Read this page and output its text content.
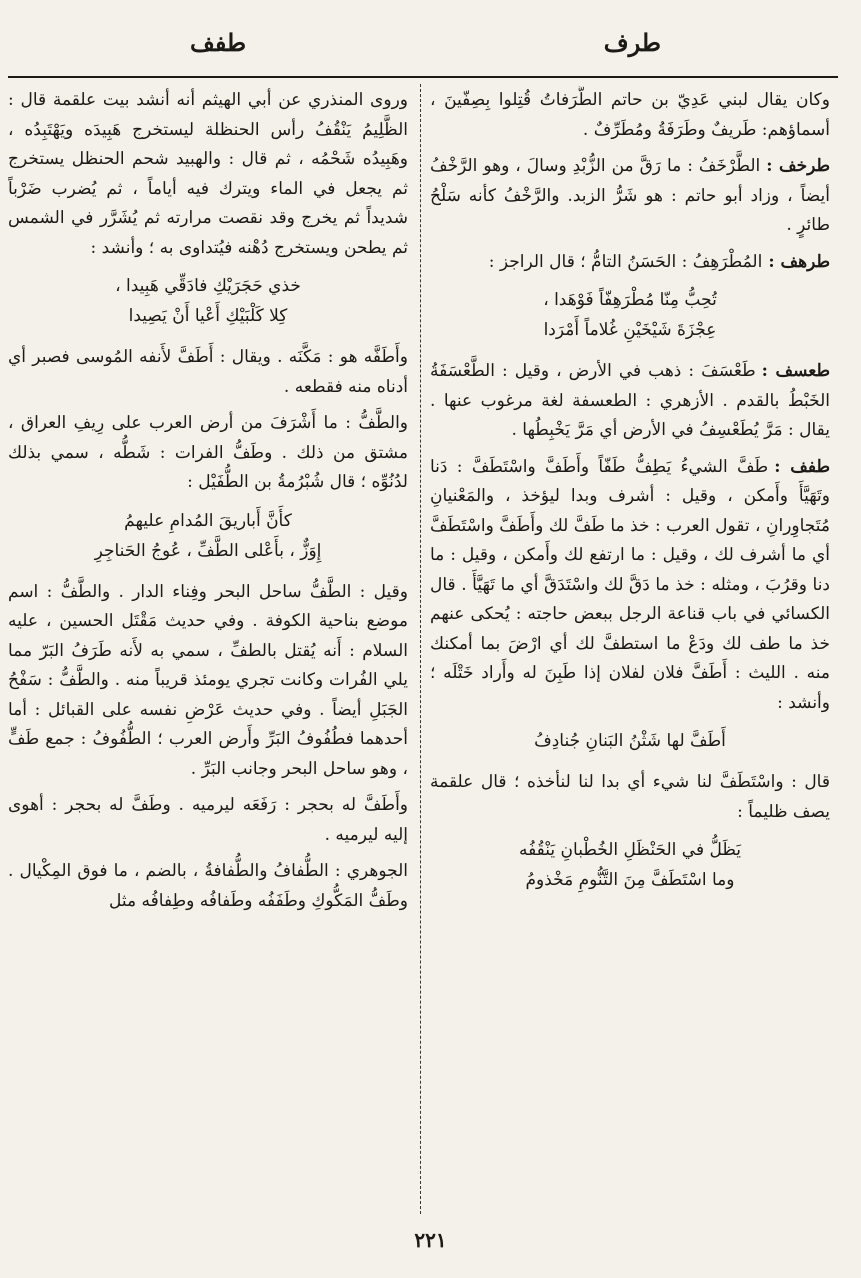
طرف
طفف

وكان يقال لبني عَدِيّ بن حاتم الطَّرَفاتُ قُتِلوا بِصِفّينَ ، أسماؤهم: طَريفٌ وطَرَفَةُ ومُطَرِّفٌ .

طرخف :الطَّرْخَفُ : ما رَقَّ من الزُّبْدِ وسالَ ، وهو الرَّخْفُ أيضاً ، وزاد أبو حاتم : هو شَرُّ الزبد. والرَّخْفُ كأنه سَلْحُ طائرٍ .

طرهف :المُطْرَهِفُ : الحَسَنُ التامُّ ؛ قال الراجز :

تُحِبُّ مِنّا مُطْرَهِفّاً فَوْهَدا ،
عِجْزَةَ شَيْخَيْنِ غُلاماً أَمْرَدا

طعسف :طَعْسَفَ : ذهب في الأرض ، وقيل : الطَّعْسَفَةُ الخَبْطُ بالقدم . الأزهري : الطعسفة لغة مرغوب عنها . يقال : مَرَّ يُطَعْسِفُ في الأرض أي مَرَّ يَخْبِطُها .

طفف :طَفَّ الشيءُ يَطِفُّ طَفّاً وأَطَفَّ واسْتَطَفَّ : دَنا وتَهَيَّأَ وأَمكن ، وقيل : أشرف وبدا ليؤخذ ، والمَعْنيانِ مُتَجاوِرانِ ، تقول العرب : خذ ما طَفَّ لك وأَطَفَّ واسْتَطَفَّ أي ما أشرف لك ، وقيل : ما ارتفع لك وأَمكن ، وقيل : ما دنا وقرُبَ ، ومثله : خذ ما دَقَّ لك واسْتَدَقَّ أي ما تَهَيَّأَ . قال الكسائي في باب قناعة الرجل ببعض حاجته : يُحكى عنهم خذ ما طف لك ودَعْ ما استطفَّ لك أي ارْضَ بما أمكنك منه . الليث : أَطَفَّ فلان لفلان إذا طَبِنَ له وأَراد خَتْلَه ؛ وأنشد :

أَطَفَّ لها شَثْنُ البَنانِ جُنادِفُ

قال : واسْتَطَفَّ لنا شيء أي بدا لنا لنأخذه ؛ قال علقمة يصف ظليماً :

يَظَلُّ في الحَنْظَلِ الخُطْبانِ يَنْقُفُه
وما اسْتَطَفَّ مِنَ التَّنُّومِ مَخْذومُ

وروى المنذري عن أبي الهيثم أنه أنشد بيت علقمة قال : الظَّلِيمُ يَنْقُفُ رأس الحنظلة ليستخرج هَبِيدَه ويَهْتَبِدُه ، وهَبِيدُه شَحْمُه ، ثم قال : والهبيد شحم الحنظل يستخرج ثم يجعل في الماء ويترك فيه أياماً ، ثم يُضرب ضَرْباً شديداً ثم يخرج وقد نقصت مرارته ثم يُشَرَّر في الشمس ثم يطحن ويستخرج دُهْنه فيُتداوى به ؛ وأنشد :

خذي حَجَرَيْكِ فادَقِّي هَبِيدا ،
كِلا كَلْبَيْكِ أَعْيا أَنْ يَصِيدا

وأَطَفَّه هو : مَكَّنَه . ويقال : أَطَفَّ لأَنفه المُوسى فصبر أي أدناه منه فقطعه .

والطَّفُّ : ما أَشْرَفَ من أرض العرب على رِيفِ العراق ، مشتق من ذلك . وطَفُّ الفرات : شَطُّه ، سمي بذلك لدُنُوِّه ؛ قال شُبْرُمةُ بن الطُّفَيْل :

كأَنَّ أَباريقَ المُدامِ عليهمُ
إِوَزٌّ ، بأَعْلى الطَّفِّ ، عُوجُ الحَناجِرِ

وقيل : الطَّفُّ ساحل البحر وفِناء الدار . والطَّفُّ : اسم موضع بناحية الكوفة . وفي حديث مَقْتَل الحسين ، عليه السلام : أَنه يُقتل بالطفِّ ، سمي به لأَنه طَرَفُ البَرّ مما يلي الفُرات وكانت تجري يومئذ قريباً منه . والطَّفُّ : سَفْحُ الجَبَلِ أيضاً . وفي حديث عَرْضِ نفسه على القبائل : أما أحدهما فطُفُوفُ البَرِّ وأَرض العرب ؛ الطُّفُوفُ : جمع طَفٍّ ، وهو ساحل البحر وجانب البَرِّ .

وأَطَفَّ له بحجر : رَفَعَه ليرميه . وطَفَّ له بحجر : أهوى إليه ليرميه .

الجوهري : الطُّفافُ والطُّفافةُ ، بالضم ، ما فوق المِكْيال . وطَفُّ المَكُّوكِ وطَفَفُه وطَفافُه وطِفافُه مثل

٢٢١
